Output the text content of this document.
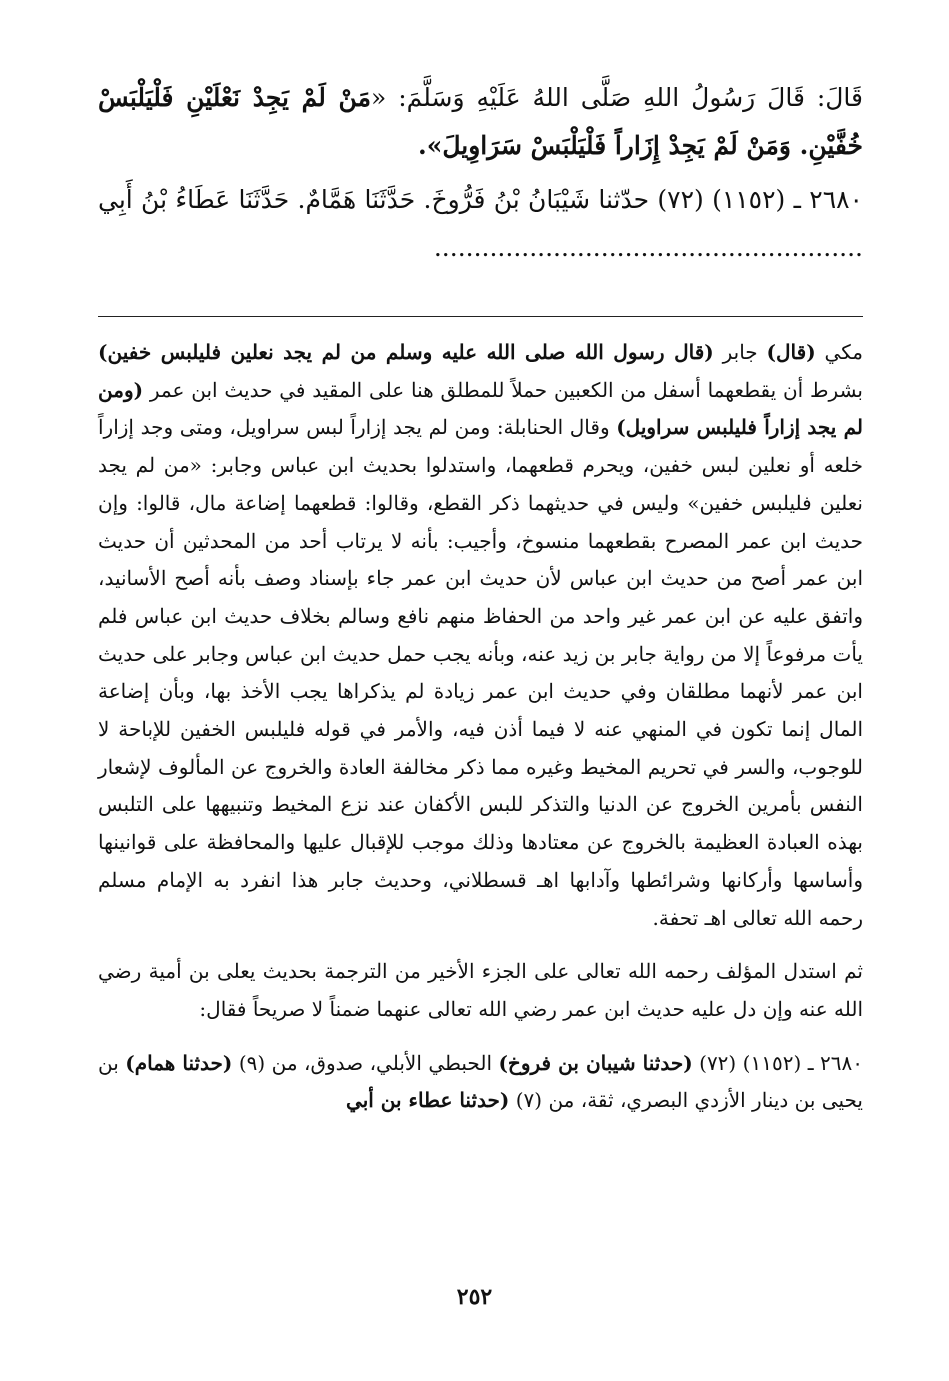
قَالَ: قَالَ رَسُولُ اللهِ صَلَّى اللهُ عَلَيْهِ وَسَلَّمَ: «مَنْ لَمْ يَجِدْ نَعْلَيْنِ فَلْيَلْبَسْ خُفَّيْنِ. وَمَنْ لَمْ يَجِدْ إِزَاراً فَلْيَلْبَسْ سَرَاوِيلَ».

٢٦٨٠ ـ (١١٥٢) (٧٢) حدّثنا شَيْبَانُ بْنُ فَرُّوخَ. حَدَّثَنَا هَمَّامٌ. حَدَّثَنَا عَطَاءُ بْنُ أَبِي ......................................................

مكي (قال) جابر (قال رسول الله صلى الله عليه وسلم من لم يجد نعلين فليلبس خفين) بشرط أن يقطعهما أسفل من الكعبين حملاً للمطلق هنا على المقيد في حديث ابن عمر (ومن لم يجد إزاراً فليلبس سراويل) وقال الحنابلة: ومن لم يجد إزاراً لبس سراويل، ومتى وجد إزاراً خلعه أو نعلين لبس خفين، ويحرم قطعهما، واستدلوا بحديث ابن عباس وجابر: «من لم يجد نعلين فليلبس خفين» وليس في حديثهما ذكر القطع، وقالوا: قطعهما إضاعة مال، قالوا: وإن حديث ابن عمر المصرح بقطعهما منسوخ، وأجيب: بأنه لا يرتاب أحد من المحدثين أن حديث ابن عمر أصح من حديث ابن عباس لأن حديث ابن عمر جاء بإسناد وصف بأنه أصح الأسانيد، واتفق عليه عن ابن عمر غير واحد من الحفاظ منهم نافع وسالم بخلاف حديث ابن عباس فلم يأت مرفوعاً إلا من رواية جابر بن زيد عنه، وبأنه يجب حمل حديث ابن عباس وجابر على حديث ابن عمر لأنهما مطلقان وفي حديث ابن عمر زيادة لم يذكراها يجب الأخذ بها، وبأن إضاعة المال إنما تكون في المنهي عنه لا فيما أذن فيه، والأمر في قوله فليلبس الخفين للإباحة لا للوجوب، والسر في تحريم المخيط وغيره مما ذكر مخالفة العادة والخروج عن المألوف لإشعار النفس بأمرين الخروج عن الدنيا والتذكر للبس الأكفان عند نزع المخيط وتنبيهها على التلبس بهذه العبادة العظيمة بالخروج عن معتادها وذلك موجب للإقبال عليها والمحافظة على قوانينها وأساسها وأركانها وشرائطها وآدابها اهـ قسطلاني، وحديث جابر هذا انفرد به الإمام مسلم رحمه الله تعالى اهـ تحفة.

ثم استدل المؤلف رحمه الله تعالى على الجزء الأخير من الترجمة بحديث يعلى بن أمية رضي الله عنه وإن دل عليه حديث ابن عمر رضي الله تعالى عنهما ضمناً لا صريحاً فقال:

٢٦٨٠ ـ (١١٥٢) (٧٢) (حدثنا شيبان بن فروخ) الحبطي الأبلي، صدوق، من (٩) (حدثنا همام) بن يحيى بن دينار الأزدي البصري، ثقة، من (٧) (حدثنا عطاء بن أبي

٢٥٢
